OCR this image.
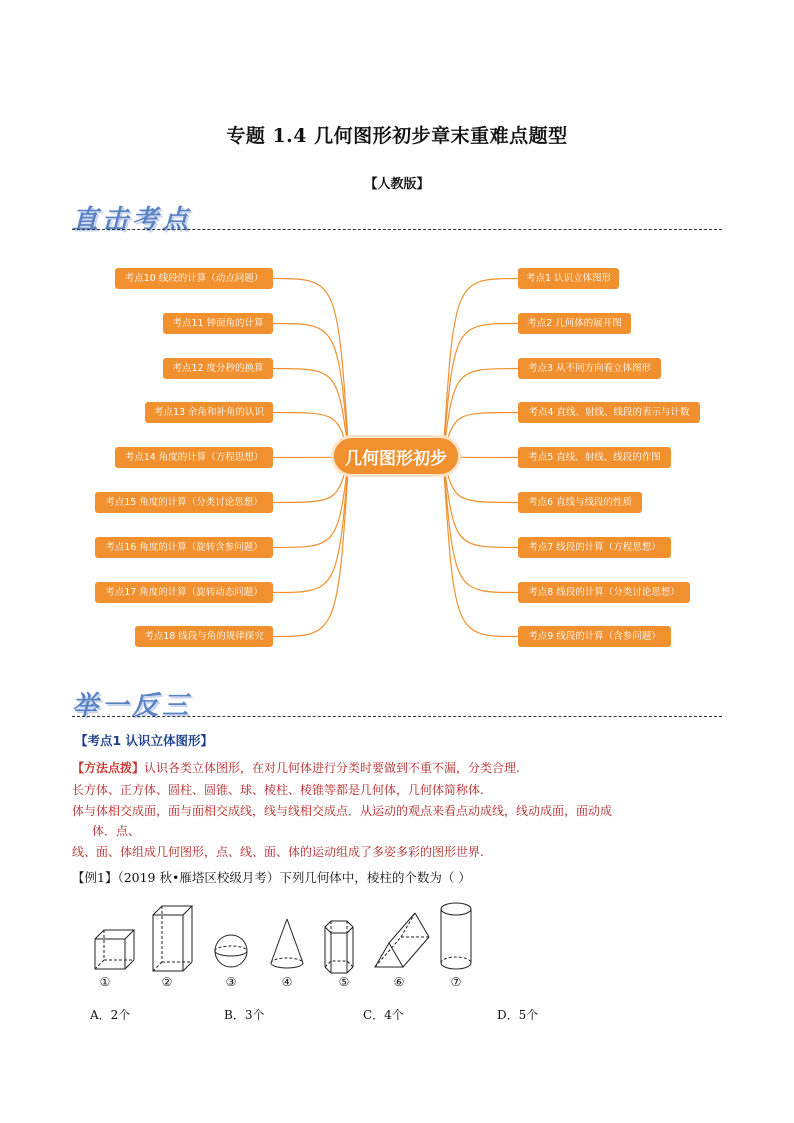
专题 1.4 几何图形初步章末重难点题型
【人教版】
直击考点
几何图形初步
考点1 认识立体图形
考点2 几何体的展开图
考点3 从不同方向看立体图形
考点4 直线、射线、线段的表示与计数
考点5 直线、射线、线段的作图
考点6 直线与线段的性质
考点7 线段的计算（方程思想）
考点8 线段的计算（分类讨论思想）
考点9 线段的计算（含参问题）
考点10 线段的计算（动点问题）
考点11 钟面角的计算
考点12 度分秒的换算
考点13 余角和补角的认识
考点14 角度的计算（方程思想）
考点15 角度的计算（分类讨论思想）
考点16 角度的计算（旋转含参问题）
考点17 角度的计算（旋转动态问题）
考点18 线段与角的规律探究
举一反三
【考点1 认识立体图形】
【方法点拨】认识各类立体图形，在对几何体进行分类时要做到不重不漏，分类合理.
长方体、正方体、圆柱、圆锥、球、棱柱、棱锥等都是几何体，几何体简称体.
体与体相交成面，面与面相交成线，线与线相交成点．从运动的观点来看点动成线，线动成面，面动成
体．点、
线、面、体组成几何图形，点、线、面、体的运动组成了多姿多彩的图形世界.
【例1】（2019 秋•雁塔区校级月考）下列几何体中，棱柱的个数为（ ）
①	②	③	④	⑤	⑥	⑦
A．2个	B．3个	C．4个	D．5个
